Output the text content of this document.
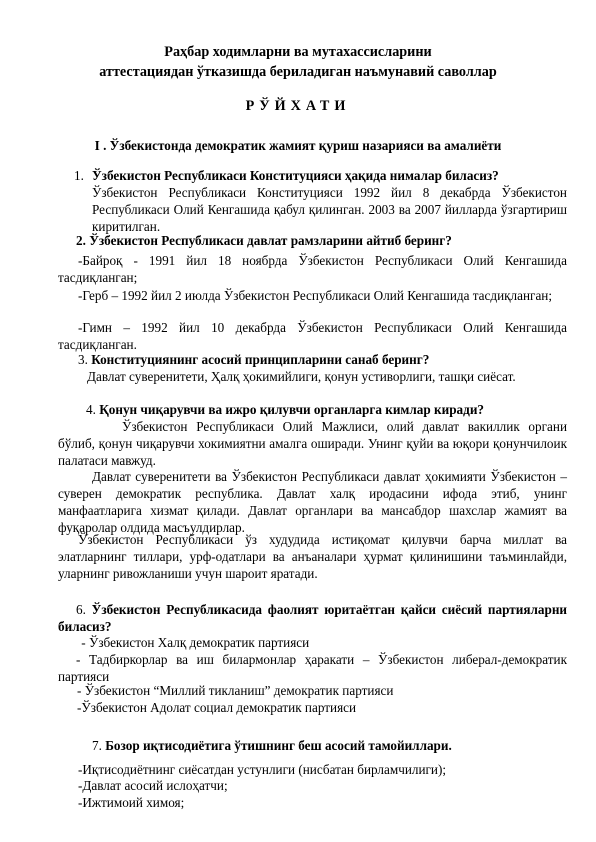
Раҳбар ходимларни ва мутахассисларини
аттестациядан ўтказишда бериладиган наъмунавий саволлар
РЎЙХАТИ
I . Ўзбекистонда демократик жамият қуриш назарияси ва амалиёти
1. Ўзбекистон Республикаси Конституцияси ҳақида нималар биласиз?
Ўзбекистон Республикаси Конституцияси 1992 йил 8 декабрда Ўзбекистон Республикаси Олий Кенгашида қабул қилинган. 2003 ва 2007 йилларда ўзгартириш киритилган.
2. Ўзбекистон Республикаси давлат рамзларини айтиб беринг?
-Байроқ - 1991 йил 18 ноябрда Ўзбекистон Республикаси Олий Кенгашида тасдиқланган;
-Герб – 1992 йил 2 июлда Ўзбекистон Республикаси Олий Кенгашида тасдиқланган;
-Гимн – 1992 йил 10 декабрда Ўзбекистон Республикаси Олий Кенгашида тасдиқланган.
3. Конституциянинг асосий принципларини санаб беринг?
Давлат суверенитети, Ҳалқ ҳокимийлиги, қонун устиворлиги, ташқи сиёсат.
4. Қонун чиқарувчи ва ижро қилувчи органларга кимлар киради?
Ўзбекистон Республикаси Олий Мажлиси, олий давлат вакиллик органи бўлиб, қонун чиқарувчи хокимиятни амалга оширади. Унинг қуйи ва юқори қонунчилоик палатаси мавжуд.
Давлат суверенитети ва Ўзбекистон Республикаси давлат ҳокимияти Ўзбекистон – суверен демократик республика. Давлат халқ иродасини ифода этиб, унинг манфаатларига хизмат қилади. Давлат органлари ва мансабдор шахслар жамият ва фуқаролар олдида масъулдирлар.
Ўзбекистон Республикаси ўз худудида истиқомат қилувчи барча миллат ва элатларнинг тиллари, урф-одатлари ва анъаналари ҳурмат қилинишини таъминлайди, уларнинг ривожланиши учун шароит яратади.
6. Ўзбекистон Республикасида фаолият юритаётган қайси сиёсий партияларни биласиз?
- Ўзбекистон Халқ демократик партияси
- Тадбиркорлар ва иш билармонлар ҳаракати – Ўзбекистон либерал-демократик партияси
- Ўзбекистон “Миллий тикланиш” демократик партияси
-Ўзбекистон Адолат социал демократик партияси
7. Бозор иқтисодиётига ўтишнинг беш асосий тамойиллари.
-Иқтисодиётнинг сиёсатдан устунлиги (нисбатан бирламчилиги);
-Давлат асосий ислоҳатчи;
-Ижтимоий химоя;
